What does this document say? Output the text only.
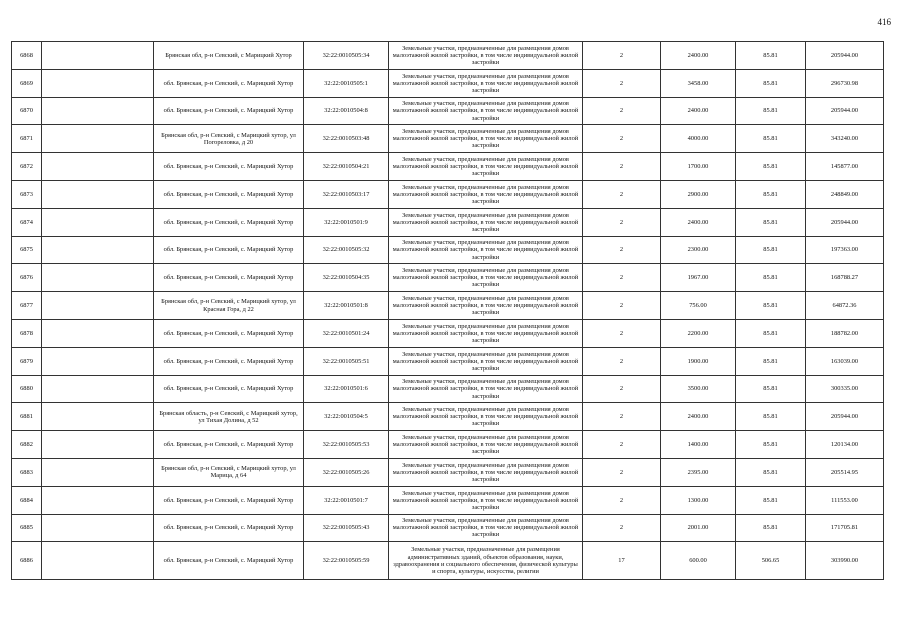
416
6868		Брянская обл, р-н Севский, с Марицкий Хутор	32:22:0010505:34	Земельные участки, предназначенные для размещения домов малоэтажной жилой застройки, в том числе индивидуальной жилой застройки	2	2400.00	85.81	205944.00
6869		обл. Брянская, р-н Севский, с. Марицкий Хутор	32:22:0010505:1	Земельные участки, предназначенные для размещения домов малоэтажной жилой застройки, в том числе индивидуальной жилой застройки	2	3458.00	85.81	296730.98
6870		обл. Брянская, р-н Севский, с. Марицкий Хутор	32:22:0010504:8	Земельные участки, предназначенные для размещения домов малоэтажной жилой застройки, в том числе индивидуальной жилой застройки	2	2400.00	85.81	205944.00
6871		Брянская обл, р-н Севский, с Марицкий хутор, ул Погореловка, д 20	32:22:0010503:48	Земельные участки, предназначенные для размещения домов малоэтажной жилой застройки, в том числе индивидуальной жилой застройки	2	4000.00	85.81	343240.00
6872		обл. Брянская, р-н Севский, с. Марицкий Хутор	32:22:0010504:21	Земельные участки, предназначенные для размещения домов малоэтажной жилой застройки, в том числе индивидуальной жилой застройки	2	1700.00	85.81	145877.00
6873		обл. Брянская, р-н Севский, с. Марицкий Хутор	32:22:0010503:17	Земельные участки, предназначенные для размещения домов малоэтажной жилой застройки, в том числе индивидуальной жилой застройки	2	2900.00	85.81	248849.00
6874		обл. Брянская, р-н Севский, с. Марицкий Хутор	32:22:0010501:9	Земельные участки, предназначенные для размещения домов малоэтажной жилой застройки, в том числе индивидуальной жилой застройки	2	2400.00	85.81	205944.00
6875		обл. Брянская, р-н Севский, с. Марицкий Хутор	32:22:0010505:32	Земельные участки, предназначенные для размещения домов малоэтажной жилой застройки, в том числе индивидуальной жилой застройки	2	2300.00	85.81	197363.00
6876		обл. Брянская, р-н Севский, с. Марицкий Хутор	32:22:0010504:35	Земельные участки, предназначенные для размещения домов малоэтажной жилой застройки, в том числе индивидуальной жилой застройки	2	1967.00	85.81	168788.27
6877		Брянская обл, р-н Севский, с Марицкий хутор, ул Красная Гора, д 22	32:22:0010501:8	Земельные участки, предназначенные для размещения домов малоэтажной жилой застройки, в том числе индивидуальной жилой застройки	2	756.00	85.81	64872.36
6878		обл. Брянская, р-н Севский, с. Марицкий Хутор	32:22:0010501:24	Земельные участки, предназначенные для размещения домов малоэтажной жилой застройки, в том числе индивидуальной жилой застройки	2	2200.00	85.81	188782.00
6879		обл. Брянская, р-н Севский, с. Марицкий Хутор	32:22:0010505:51	Земельные участки, предназначенные для размещения домов малоэтажной жилой застройки, в том числе индивидуальной жилой застройки	2	1900.00	85.81	163039.00
6880		обл. Брянская, р-н Севский, с. Марицкий Хутор	32:22:0010501:6	Земельные участки, предназначенные для размещения домов малоэтажной жилой застройки, в том числе индивидуальной жилой застройки	2	3500.00	85.81	300335.00
6881		Брянская область, р-н Севский, с Марицкий хутор, ул Тихая Долина, д 52	32:22:0010504:5	Земельные участки, предназначенные для размещения домов малоэтажной жилой застройки, в том числе индивидуальной жилой застройки	2	2400.00	85.81	205944.00
6882		обл. Брянская, р-н Севский, с. Марицкий Хутор	32:22:0010505:53	Земельные участки, предназначенные для размещения домов малоэтажной жилой застройки, в том числе индивидуальной жилой застройки	2	1400.00	85.81	120134.00
6883		Брянская обл, р-н Севский, с Марицкий хутор, ул Марица, д 64	32:22:0010505:26	Земельные участки, предназначенные для размещения домов малоэтажной жилой застройки, в том числе индивидуальной жилой застройки	2	2395.00	85.81	205514.95
6884		обл. Брянская, р-н Севский, с. Марицкий Хутор	32:22:0010501:7	Земельные участки, предназначенные для размещения домов малоэтажной жилой застройки, в том числе индивидуальной жилой застройки	2	1300.00	85.81	111553.00
6885		обл. Брянская, р-н Севский, с. Марицкий Хутор	32:22:0010505:43	Земельные участки, предназначенные для размещения домов малоэтажной жилой застройки, в том числе индивидуальной жилой застройки	2	2001.00	85.81	171705.81
6886		обл. Брянская, р-н Севский, с. Марицкий Хутор	32:22:0010505:59	Земельные участки, предназначенные для размещения административных зданий, объектов образования, науки, здравоохранения и социального обеспечения, физической культуры и спорта, культуры, искусства, религии	17	600.00	506.65	303990.00
